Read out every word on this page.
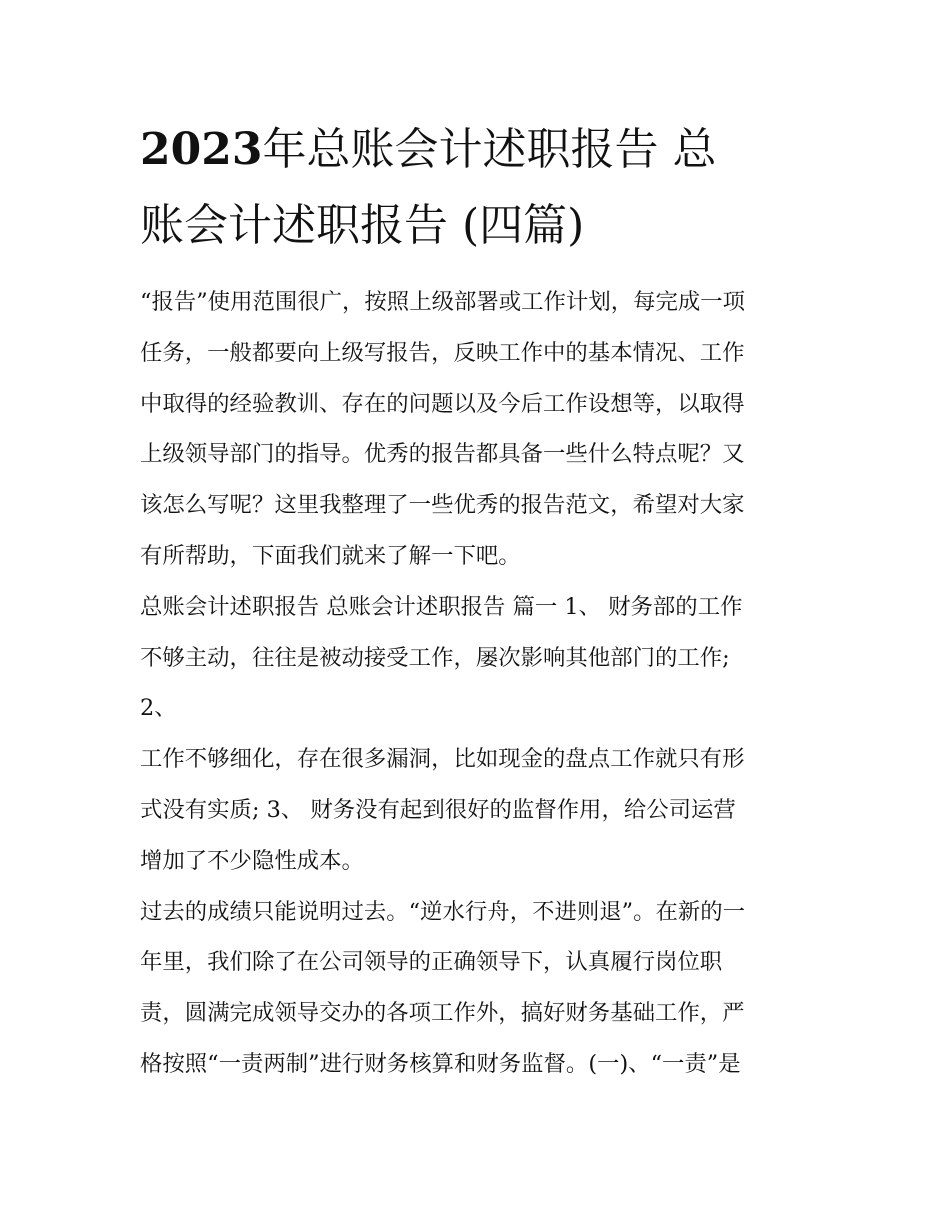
2023年总账会计述职报告 总
账会计述职报告 (四篇)

“报告”使用范围很广，按照上级部署或工作计划，每完成一项
任务，一般都要向上级写报告，反映工作中的基本情况、工作
中取得的经验教训、存在的问题以及今后工作设想等，以取得
上级领导部门的指导。优秀的报告都具备一些什么特点呢？又
该怎么写呢？这里我整理了一些优秀的报告范文，希望对大家
有所帮助，下面我们就来了解一下吧。

总账会计述职报告 总账会计述职报告 篇一 1、 财务部的工作
不够主动，往往是被动接受工作，屡次影响其他部门的工作;
2、

工作不够细化，存在很多漏洞，比如现金的盘点工作就只有形
式没有实质; 3、 财务没有起到很好的监督作用，给公司运营
增加了不少隐性成本。

过去的成绩只能说明过去。“逆水行舟，不进则退”。在新的一
年里，我们除了在公司领导的正确领导下，认真履行岗位职
责，圆满完成领导交办的各项工作外，搞好财务基础工作，严
格按照“一责两制”进行财务核算和财务监督。(一)、“一责”是
